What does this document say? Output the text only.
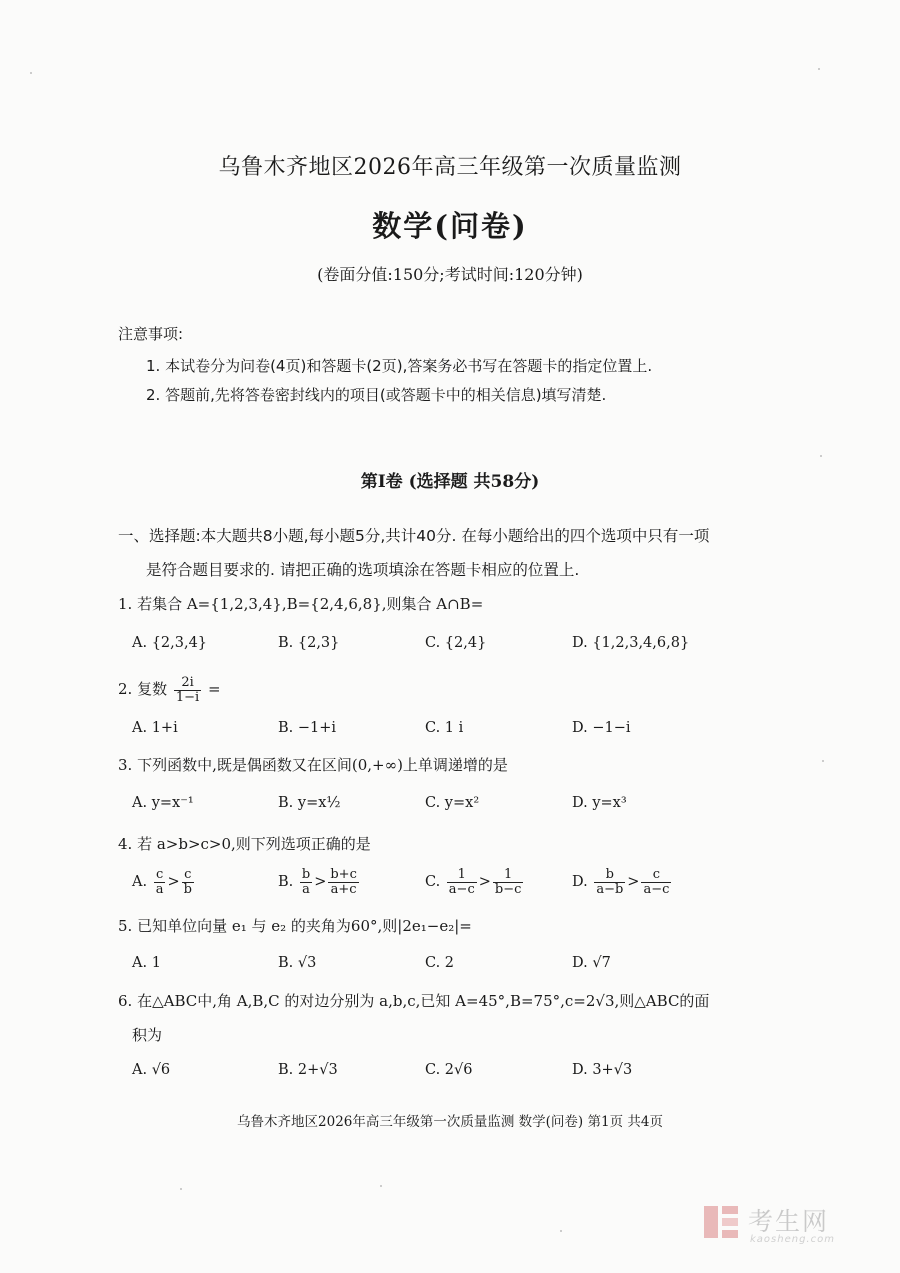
乌鲁木齐地区2026年高三年级第一次质量监测
数学(问卷)
(卷面分值:150分;考试时间:120分钟)
注意事项:
1. 本试卷分为问卷(4页)和答题卡(2页),答案务必书写在答题卡的指定位置上.
2. 答题前,先将答卷密封线内的项目(或答题卡中的相关信息)填写清楚.
第Ⅰ卷 (选择题 共58分)
一、选择题:本大题共8小题,每小题5分,共计40分. 在每小题给出的四个选项中只有一项
是符合题目要求的. 请把正确的选项填涂在答题卡相应的位置上.
1. 若集合 A={1,2,3,4},B={2,4,6,8},则集合 A∩B=
A. {2,3,4}	B. {2,3}	C. {2,4}	D. {1,2,3,4,6,8}
2. 复数 $\frac{2i}{1-i}$ =
A. 1+i	B. −1+i	C. 1 i	D. −1−i
3. 下列函数中,既是偶函数又在区间(0,+∞)上单调递增的是
A. y=x⁻¹	B. y=x½	C. y=x²	D. y=x³
4. 若 a>b>c>0,则下列选项正确的是
A. $\frac{c}{a} > \frac{c}{b}$	B. $\frac{b}{a} > \frac{b+c}{a+c}$	C. $\frac{1}{a-c} > \frac{1}{b-c}$	D. $\frac{b}{a-b} > \frac{c}{a-c}$
5. 已知单位向量 e₁ 与 e₂ 的夹角为60°,则|2e₁−e₂|=
A. 1	B. √3	C. 2	D. √7
6. 在△ABC中,角 A,B,C 的对边分别为 a,b,c,已知 A=45°,B=75°,c=2√3,则△ABC的面
积为
A. √6	B. 2+√3	C. 2√6	D. 3+√3
乌鲁木齐地区2026年高三年级第一次质量监测 数学(问卷) 第1页 共4页
考生网
kaosheng.com
